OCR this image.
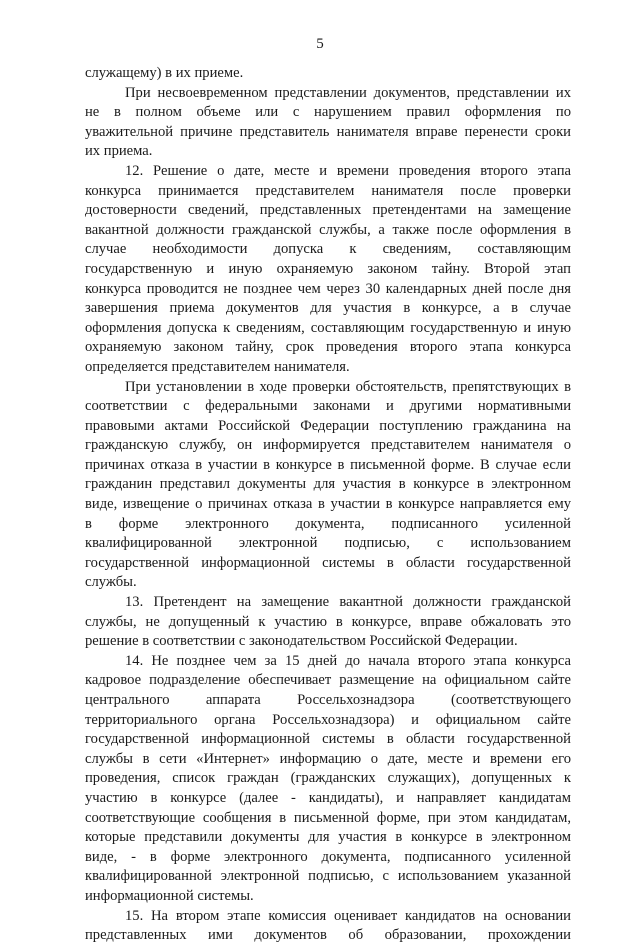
5
служащему) в их приеме.
При несвоевременном представлении документов, представлении их
не в полном объеме или с нарушением правил оформления по
уважительной причине представитель нанимателя вправе перенести сроки
их приема.
12. Решение о дате, месте и времени проведения второго этапа
конкурса принимается представителем нанимателя после проверки
достоверности сведений, представленных претендентами на замещение
вакантной должности гражданской службы, а также после оформления в
случае необходимости допуска к сведениям, составляющим
государственную и иную охраняемую законом тайну. Второй этап
конкурса проводится не позднее чем через 30 календарных дней после дня
завершения приема документов для участия в конкурсе, а в случае
оформления допуска к сведениям, составляющим государственную и иную
охраняемую законом тайну, срок проведения второго этапа конкурса
определяется представителем нанимателя.
При установлении в ходе проверки обстоятельств, препятствующих в
соответствии с федеральными законами и другими нормативными
правовыми актами Российской Федерации поступлению гражданина на
гражданскую службу, он информируется представителем нанимателя о
причинах отказа в участии в конкурсе в письменной форме. В случае если
гражданин представил документы для участия в конкурсе в электронном
виде, извещение о причинах отказа в участии в конкурсе направляется ему
в форме электронного документа, подписанного усиленной
квалифицированной электронной подписью, с использованием
государственной информационной системы в области государственной
службы.
13. Претендент на замещение вакантной должности гражданской
службы, не допущенный к участию в конкурсе, вправе обжаловать это
решение в соответствии с законодательством Российской Федерации.
14. Не позднее чем за 15 дней до начала второго этапа конкурса
кадровое подразделение обеспечивает размещение на официальном сайте
центрального аппарата Россельхознадзора (соответствующего
территориального органа Россельхознадзора) и официальном сайте
государственной информационной системы в области государственной
службы в сети «Интернет» информацию о дате, месте и времени его
проведения, список граждан (гражданских служащих), допущенных к
участию в конкурсе (далее - кандидаты), и направляет кандидатам
соответствующие сообщения в письменной форме, при этом кандидатам,
которые представили документы для участия в конкурсе в электронном
виде, - в форме электронного документа, подписанного усиленной
квалифицированной электронной подписью, с использованием указанной
информационной системы.
15. На втором этапе комиссия оценивает кандидатов на основании
представленных ими документов об образовании, прохождении
